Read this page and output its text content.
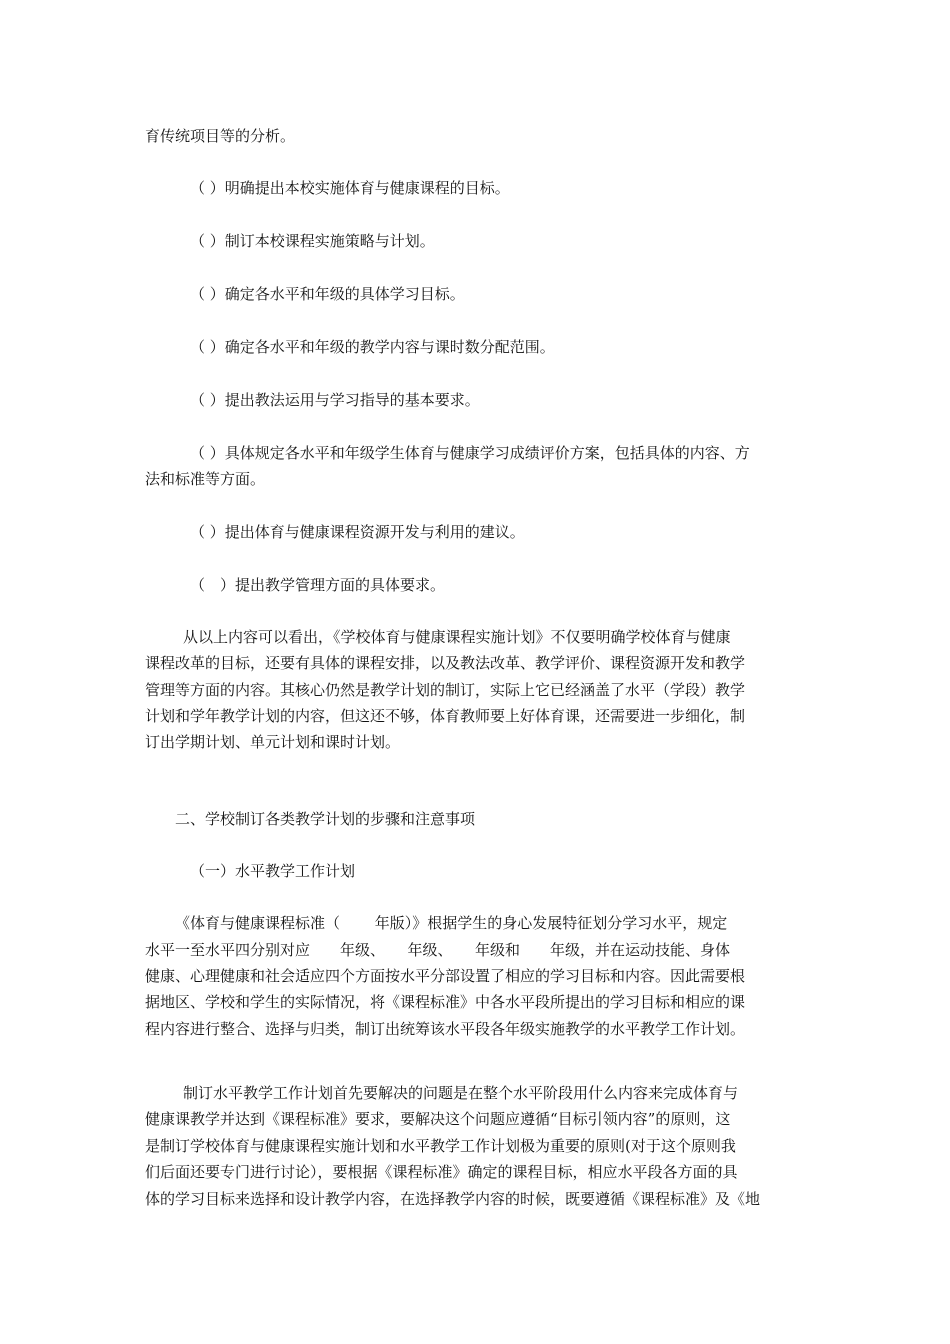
育传统项目等的分析。

（ ）明确提出本校实施体育与健康课程的目标。

（ ）制订本校课程实施策略与计划。

（ ）确定各水平和年级的具体学习目标。

（ ）确定各水平和年级的教学内容与课时数分配范围。

（ ）提出教法运用与学习指导的基本要求。

（ ）具体规定各水平和年级学生体育与健康学习成绩评价方案，包括具体的内容、方

法和标准等方面。

（ ）提出体育与健康课程资源开发与利用的建议。

（　）提出教学管理方面的具体要求。

从以上内容可以看出，《学校体育与健康课程实施计划》不仅要明确学校体育与健康

课程改革的目标，还要有具体的课程安排，以及教法改革、教学评价、课程资源开发和教学

管理等方面的内容。其核心仍然是教学计划的制订，实际上它已经涵盖了水平（学段）教学

计划和学年教学计划的内容，但这还不够，体育教师要上好体育课，还需要进一步细化，制

订出学期计划、单元计划和课时计划。

二、学校制订各类教学计划的步骤和注意事项

（一）水平教学工作计划

《体育与健康课程标准（　　 年版）》根据学生的身心发展特征划分学习水平，规定

水平一至水平四分别对应　　年级、　　年级、　　年级和　　年级，并在运动技能、身体

健康、心理健康和社会适应四个方面按水平分部设置了相应的学习目标和内容。因此需要根

据地区、学校和学生的实际情况，将《课程标准》中各水平段所提出的学习目标和相应的课

程内容进行整合、选择与归类，制订出统筹该水平段各年级实施教学的水平教学工作计划。

制订水平教学工作计划首先要解决的问题是在整个水平阶段用什么内容来完成体育与

健康课教学并达到《课程标准》要求，要解决这个问题应遵循“目标引领内容”的原则，这

是制订学校体育与健康课程实施计划和水平教学工作计划极为重要的原则(对于这个原则我

们后面还要专门进行讨论），要根据《课程标准》确定的课程目标，相应水平段各方面的具

体的学习目标来选择和设计教学内容，在选择教学内容的时候，既要遵循《课程标准》及《地
